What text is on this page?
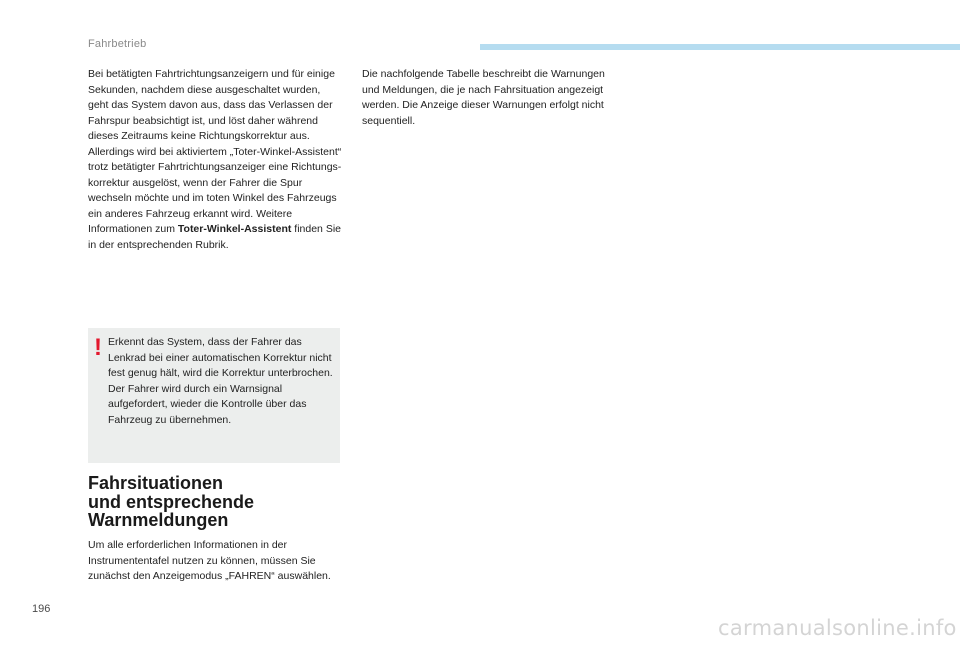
Fahrbetrieb

Bei betätigten Fahrtrichtungsanzeigern und für einige Sekunden, nachdem diese ausgeschaltet wurden, geht das System davon aus, dass das Verlassen der Fahrspur beabsichtigt ist, und löst daher während dieses Zeitraums keine Richtungskorrektur aus. Allerdings wird bei aktiviertem „Toter-Winkel-Assistent“ trotz betätigter Fahrtrichtungsanzeiger eine Richtungs-korrektur ausgelöst, wenn der Fahrer die Spur wechseln möchte und im toten Winkel des Fahrzeugs ein anderes Fahrzeug erkannt wird. Weitere Informationen zum Toter-Winkel-Assistent finden Sie in der entsprechenden Rubrik.

! Erkennt das System, dass der Fahrer das Lenkrad bei einer automatischen Korrektur nicht fest genug hält, wird die Korrektur unterbrochen. Der Fahrer wird durch ein Warnsignal aufgefordert, wieder die Kontrolle über das Fahrzeug zu übernehmen.

Fahrsituationen
und entsprechende
Warnmeldungen

Um alle erforderlichen Informationen in der Instrumententafel nutzen zu können, müssen Sie zunächst den Anzeigemodus „FAHREN“ auswählen.

Die nachfolgende Tabelle beschreibt die Warnungen und Meldungen, die je nach Fahrsituation angezeigt werden. Die Anzeige dieser Warnungen erfolgt nicht sequentiell.

196
carmanualsonline.info
